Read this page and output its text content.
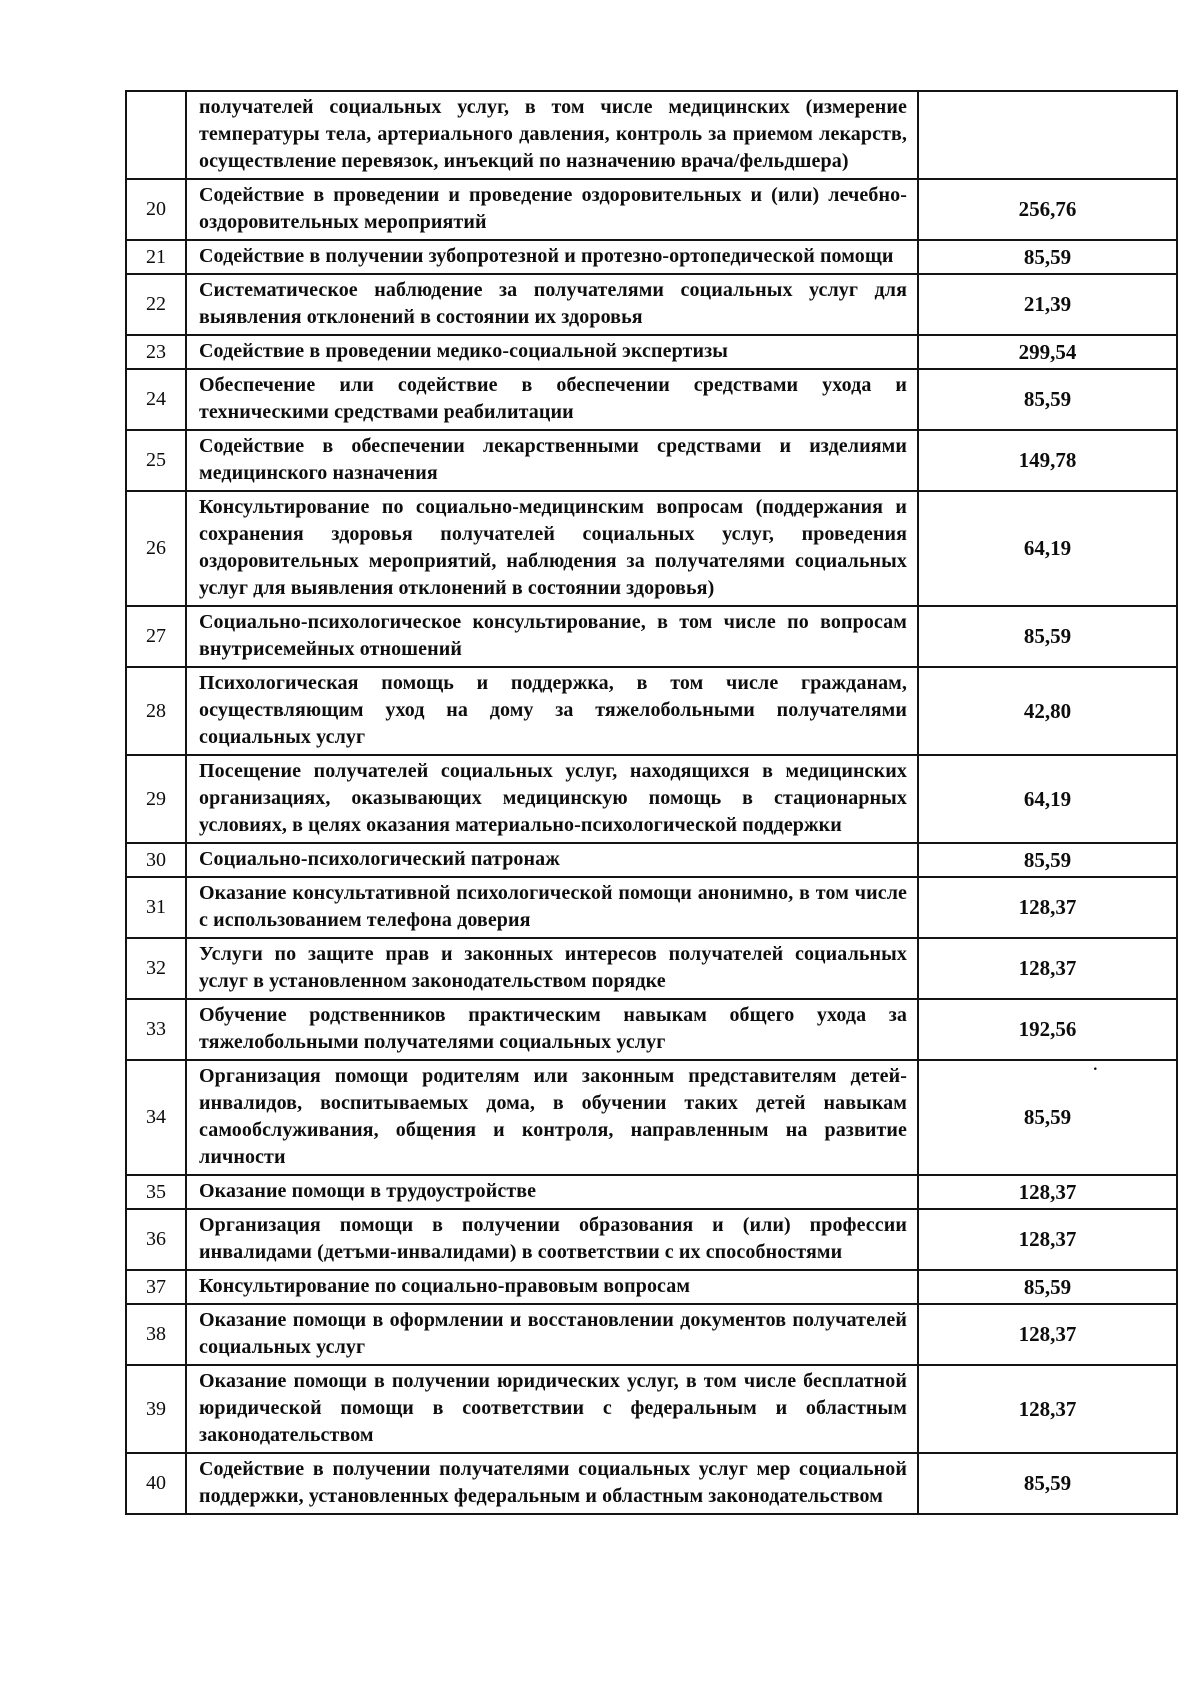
	получателей социальных услуг, в том числе медицинских (измерение температуры тела, артериального давления, контроль за приемом лекарств, осуществление перевязок, инъекций по назначению врача/фельдшера)	
20	Содействие в проведении и проведение оздоровительных и (или) лечебно-оздоровительных мероприятий	256,76
21	Содействие в получении зубопротезной и протезно-ортопедической помощи	85,59
22	Систематическое наблюдение за получателями социальных услуг для выявления отклонений в состоянии их здоровья	21,39
23	Содействие в проведении медико-социальной экспертизы	299,54
24	Обеспечение или содействие в обеспечении средствами ухода и техническими средствами реабилитации	85,59
25	Содействие в обеспечении лекарственными средствами и изделиями медицинского назначения	149,78
26	Консультирование по социально-медицинским вопросам (поддержания и сохранения здоровья получателей социальных услуг, проведения оздоровительных мероприятий, наблюдения за получателями социальных услуг для выявления отклонений в состоянии здоровья)	64,19
27	Социально-психологическое консультирование, в том числе по вопросам внутрисемейных отношений	85,59
28	Психологическая помощь и поддержка, в том числе гражданам, осуществляющим уход на дому за тяжелобольными получателями социальных услуг	42,80
29	Посещение получателей социальных услуг, находящихся в медицинских организациях, оказывающих медицинскую помощь в стационарных условиях, в целях оказания материально-психологической поддержки	64,19
30	Социально-психологический патронаж	85,59
31	Оказание консультативной психологической помощи анонимно, в том числе с использованием телефона доверия	128,37
32	Услуги по защите прав и законных интересов получателей социальных услуг в установленном законодательством порядке	128,37
33	Обучение родственников практическим навыкам общего ухода за тяжелобольными получателями социальных услуг	192,56
34	Организация помощи родителям или законным представителям детей-инвалидов, воспитываемых дома, в обучении таких детей навыкам самообслуживания, общения и контроля, направленным на развитие личности	85,59
·

35	Оказание помощи в трудоустройстве	128,37
36	Организация помощи в получении образования и (или) профессии инвалидами (детъми-инвалидами) в соответствии с их способностями	128,37
37	Консультирование по социально-правовым вопросам	85,59
38	Оказание помощи в оформлении и восстановлении документов получателей социальных услуг	128,37
39	Оказание помощи в получении юридических услуг, в том числе бесплатной юридической помощи в соответствии с федеральным и областным законодательством	128,37
40	Содействие в получении получателями социальных услуг мер социальной поддержки, установленных федеральным и областным законодательством	85,59
